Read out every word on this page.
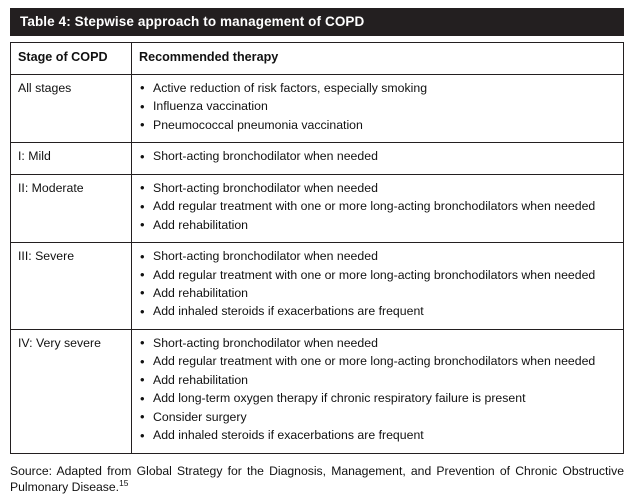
Table 4: Stepwise approach to management of COPD
Stage of COPD	Recommended therapy
All stages	
•Active reduction of risk factors, especially smoking
• Influenza vaccination
• Pneumococcal pneumonia vaccination

I: Mild	
•Short-acting bronchodilator when needed

II: Moderate	
•Short-acting bronchodilator when needed
• Add regular treatment with one or more long-acting bronchodilators when needed
• Add rehabilitation

III: Severe	
•Short-acting bronchodilator when needed
• Add regular treatment with one or more long-acting bronchodilators when needed
• Add rehabilitation
• Add inhaled steroids if exacerbations are frequent

IV: Very severe	
•Short-acting bronchodilator when needed
• Add regular treatment with one or more long-acting bronchodilators when needed
• Add rehabilitation
• Add long-term oxygen therapy if chronic respiratory failure is present
• Consider surgery
• Add inhaled steroids if exacerbations are frequent
Source: Adapted from Global Strategy for the Diagnosis, Management, and Prevention of Chronic Obstructive Pulmonary Disease.$^{15}$
